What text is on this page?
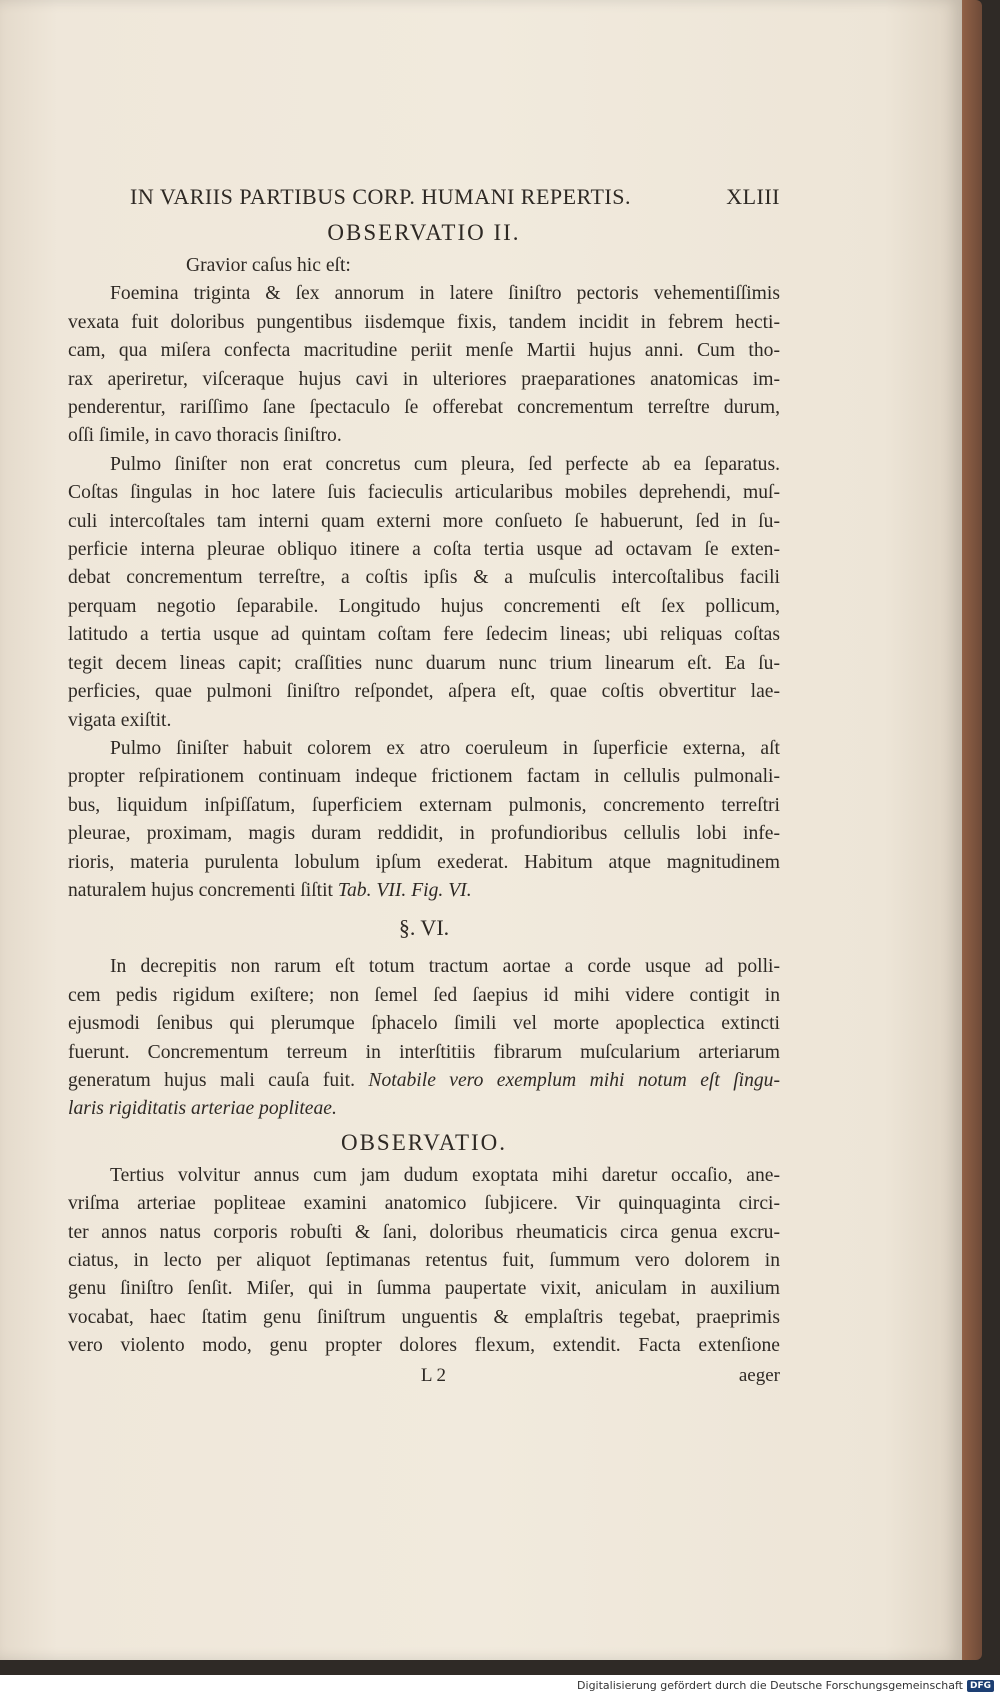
IN VARIIS PARTIBUS CORP. HUMANI REPERTIS.	XLIII
OBSERVATIO II.
Gravior caſus hic eſt:
Foemina triginta & ſex annorum in latere ſiniſtro pectoris vehementiſſimis
vexata fuit doloribus pungentibus iisdemque fixis, tandem incidit in febrem hecti-
cam, qua miſera confecta macritudine periit menſe Martii hujus anni. Cum tho-
rax aperiretur, viſceraque hujus cavi in ulteriores praeparationes anatomicas im-
penderentur, rariſſimo ſane ſpectaculo ſe offerebat concrementum terreſtre durum,
oſſi ſimile, in cavo thoracis ſiniſtro.
Pulmo ſiniſter non erat concretus cum pleura, ſed perfecte ab ea ſeparatus.
Coſtas ſingulas in hoc latere ſuis facieculis articularibus mobiles deprehendi, muſ-
culi intercoſtales tam interni quam externi more conſueto ſe habuerunt, ſed in ſu-
perficie interna pleurae obliquo itinere a coſta tertia usque ad octavam ſe exten-
debat concrementum terreſtre, a coſtis ipſis & a muſculis intercoſtalibus facili
perquam negotio ſeparabile. Longitudo hujus concrementi eſt ſex pollicum,
latitudo a tertia usque ad quintam coſtam fere ſedecim lineas; ubi reliquas coſtas
tegit decem lineas capit; craſſities nunc duarum nunc trium linearum eſt. Ea ſu-
perficies, quae pulmoni ſiniſtro reſpondet, aſpera eſt, quae coſtis obvertitur lae-
vigata exiſtit.
Pulmo ſiniſter habuit colorem ex atro coeruleum in ſuperficie externa, aſt
propter reſpirationem continuam indeque frictionem factam in cellulis pulmonali-
bus, liquidum inſpiſſatum, ſuperficiem externam pulmonis, concremento terreſtri
pleurae, proximam, magis duram reddidit, in profundioribus cellulis lobi infe-
rioris, materia purulenta lobulum ipſum exederat. Habitum atque magnitudinem
naturalem hujus concrementi ſiſtit Tab. VII. Fig. VI.
§. VI.
In decrepitis non rarum eſt totum tractum aortae a corde usque ad polli-
cem pedis rigidum exiſtere; non ſemel ſed ſaepius id mihi videre contigit in
ejusmodi ſenibus qui plerumque ſphacelo ſimili vel morte apoplectica extincti
fuerunt. Concrementum terreum in interſtitiis fibrarum muſcularium arteriarum
generatum hujus mali cauſa fuit. Notabile vero exemplum mihi notum eſt ſingu-
laris rigiditatis arteriae popliteae.
OBSERVATIO.
Tertius volvitur annus cum jam dudum exoptata mihi daretur occaſio, ane-
vriſma arteriae popliteae examini anatomico ſubjicere. Vir quinquaginta circi-
ter annos natus corporis robuſti & ſani, doloribus rheumaticis circa genua excru-
ciatus, in lecto per aliquot ſeptimanas retentus fuit, ſummum vero dolorem in
genu ſiniſtro ſenſit. Miſer, qui in ſumma paupertate vixit, aniculam in auxilium
vocabat, haec ſtatim genu ſiniſtrum unguentis & emplaſtris tegebat, praeprimis
vero violento modo, genu propter dolores flexum, extendit. Facta extenſione
L 2	aeger
Digitalisierung gefördert durch die Deutsche Forschungsgemeinschaft DFG
